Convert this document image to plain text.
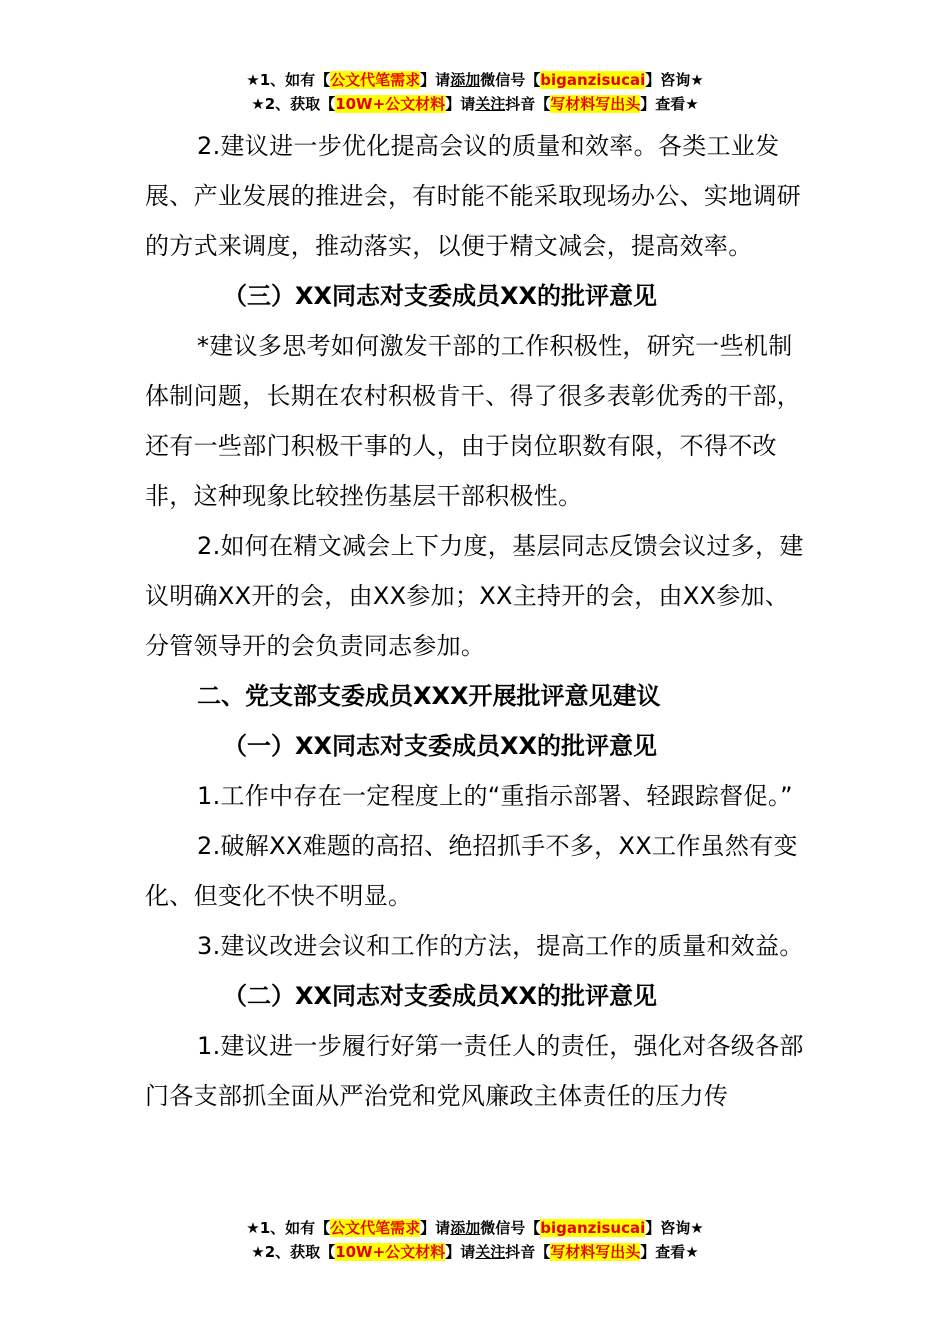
★1、如有【公文代笔需求】请添加微信号【biganzisucai】咨询★
★2、获取【10W+公文材料】请关注抖音【写材料写出头】查看★

2.建议进一步优化提高会议的质量和效率。各类工业发展、产业发展的推进会，有时能不能采取现场办公、实地调研的方式来调度，推动落实，以便于精文减会，提高效率。

（三）XX同志对支委成员XX的批评意见

*建议多思考如何激发干部的工作积极性，研究一些机制体制问题，长期在农村积极肯干、得了很多表彰优秀的干部，还有一些部门积极干事的人，由于岗位职数有限，不得不改非，这种现象比较挫伤基层干部积极性。

2.如何在精文减会上下力度，基层同志反馈会议过多，建议明确XX开的会，由XX参加；XX主持开的会，由XX参加、分管领导开的会负责同志参加。

二、党支部支委成员XXX开展批评意见建议

（一）XX同志对支委成员XX的批评意见

1.工作中存在一定程度上的“重指示部署、轻跟踪督促。”

2.破解XX难题的高招、绝招抓手不多，XX工作虽然有变化、但变化不快不明显。

3.建议改进会议和工作的方法，提高工作的质量和效益。

（二）XX同志对支委成员XX的批评意见

1.建议进一步履行好第一责任人的责任，强化对各级各部门各支部抓全面从严治党和党风廉政主体责任的压力传

★1、如有【公文代笔需求】请添加微信号【biganzisucai】咨询★
★2、获取【10W+公文材料】请关注抖音【写材料写出头】查看★
